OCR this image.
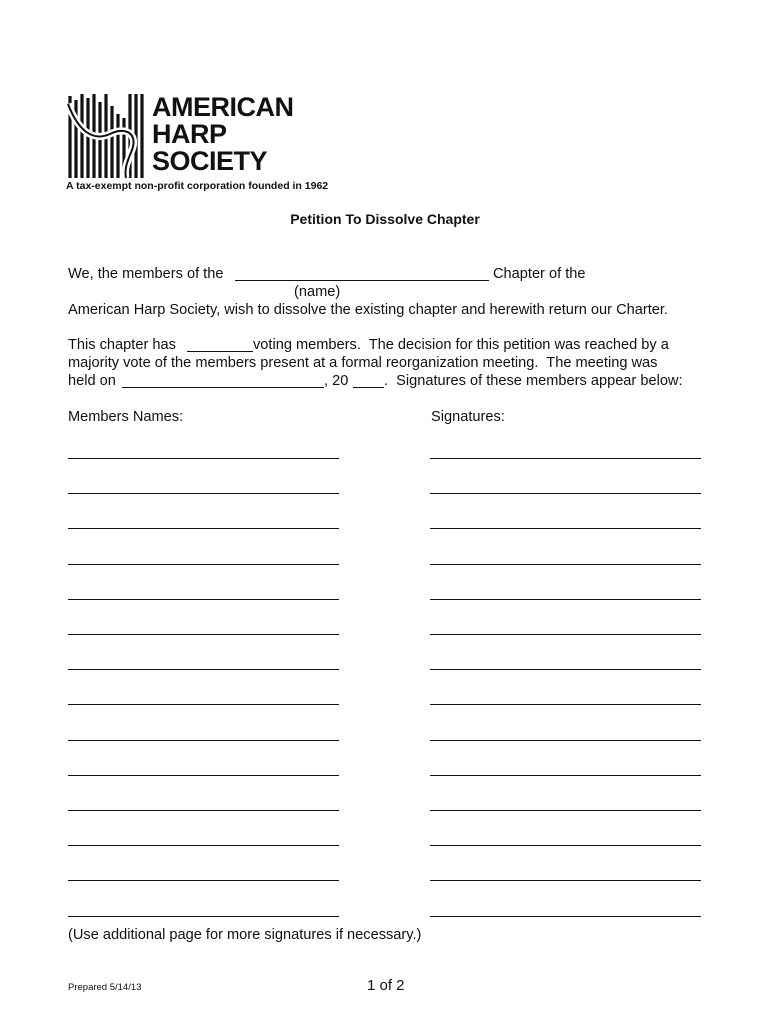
AMERICAN
HARP
SOCIETY
A tax-exempt non-profit corporation founded in 1962
Petition To Dissolve Chapter
We, the members of the	Chapter of the
(name)
American Harp Society, wish to dissolve the existing chapter and herewith return our Charter.
This chapter has	voting members.  The decision for this petition was reached by a
majority vote of the members present at a formal reorganization meeting.  The meeting was
held on	, 20 .  Signatures of these members appear below:
Members Names:	Signatures:
(Use additional page for more signatures if necessary.)
Prepared 5/14/13	1 of 2
